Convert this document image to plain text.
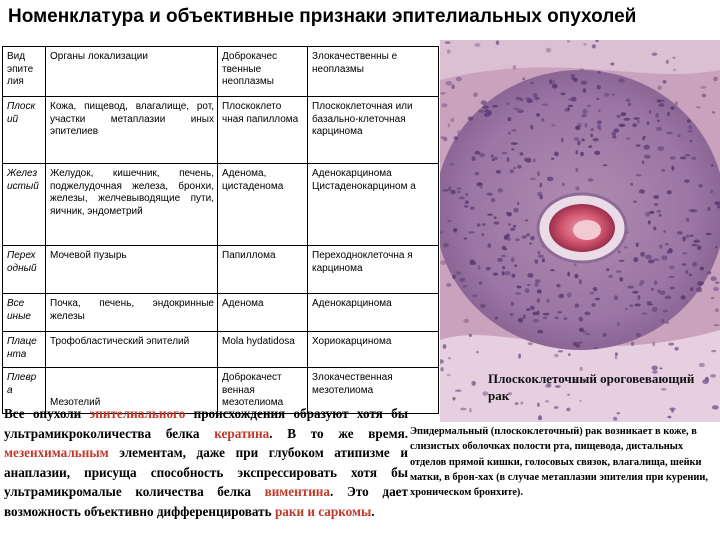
Номенклатура и объективные признаки эпителиальных опухолей
Вид эпите лия	Органы локализации	Доброкачес твенные неоплазмы	Злокачественны е неоплазмы
Плоск ий	Кожа, пищевод, влагалище, рот, участки метаплазии иных эпителиев	Плоскоклето чная папиллома	Плоскоклеточная или базально-клеточная карцинома
Желез истый	Желудок, кишечник, печень, поджелудочная железа, бронхи, железы, желчевыводящие пути, яичник, эндометрий	Аденома, цистаденома	Аденокарцинома Цистаденокарцином а
Перех одный	Мочевой пузырь	Папиллома	Переходноклеточна я карцинома
Все иные	Почка, печень, эндокринные железы	Аденома	Аденокарцинома
Плаце нта	Трофобластический эпителий	Mola hydatidosa	Хориокарцинома
Плевр а	Мезотелий	Доброкачест венная мезотелиома	Злокачественная мезотелиома
Плоскоклеточный ороговевающий рак
Все опухоли эпителиального происхождения образуют хотя бы ультрамикроколичества белка кератина. В то же время. мезенхимальным элементам, даже при глубоком атипизме и анаплазии, присуща способность экспрессировать хотя бы ультрамикромалые количества белка виментина. Это дает возможность объективно дифференцировать раки и саркомы.
Эпидермальный (плоскоклеточный) рак возникает в коже, в слизистых оболочках полости рта, пищевода, дистальных отделов прямой кишки, голосовых связок, влагалища, шейки матки, в брон-хах (в случае метаплазии эпителия при курении, хроническом бронхите).
